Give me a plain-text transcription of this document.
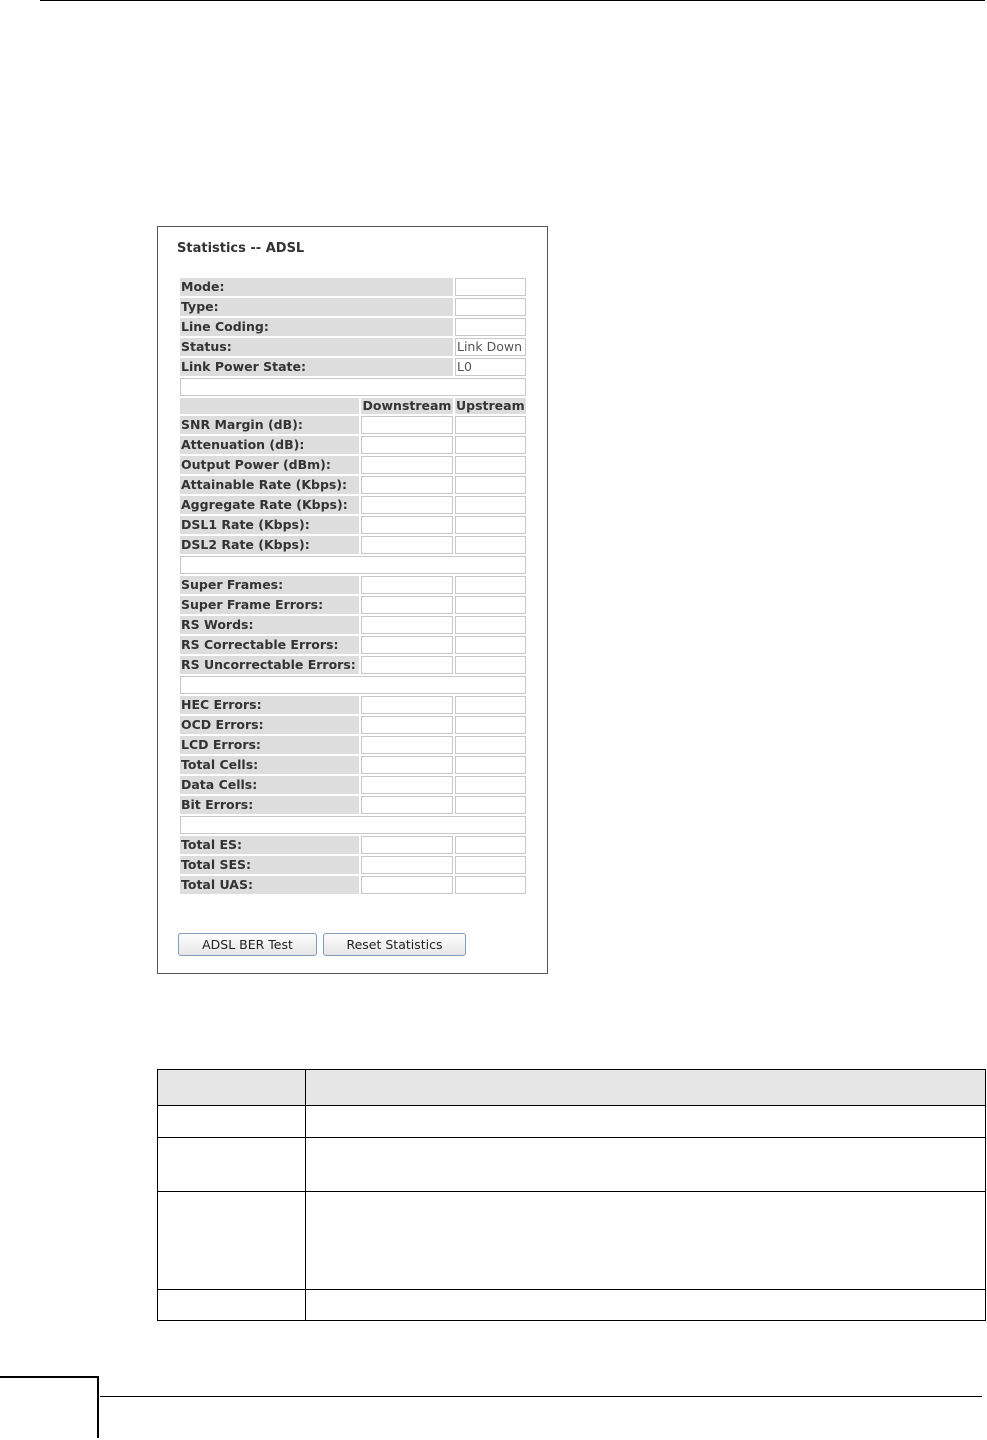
Statistics -- ADSL
Mode:		
Type:		
Line Coding:		
Status:		Link Down
Link Power State:		L0

	Downstream	Upstream
SNR Margin (dB):		
Attenuation (dB):		
Output Power (dBm):		
Attainable Rate (Kbps):		
Aggregate Rate (Kbps):		
DSL1 Rate (Kbps):		
DSL2 Rate (Kbps):		

Super Frames:		
Super Frame Errors:		
RS Words:		
RS Correctable Errors:		
RS Uncorrectable Errors:		

HEC Errors:		
OCD Errors:		
LCD Errors:		
Total Cells:		
Data Cells:		
Bit Errors:		

Total ES:		
Total SES:		
Total UAS:		
ADSL BER Test	Reset Statistics
